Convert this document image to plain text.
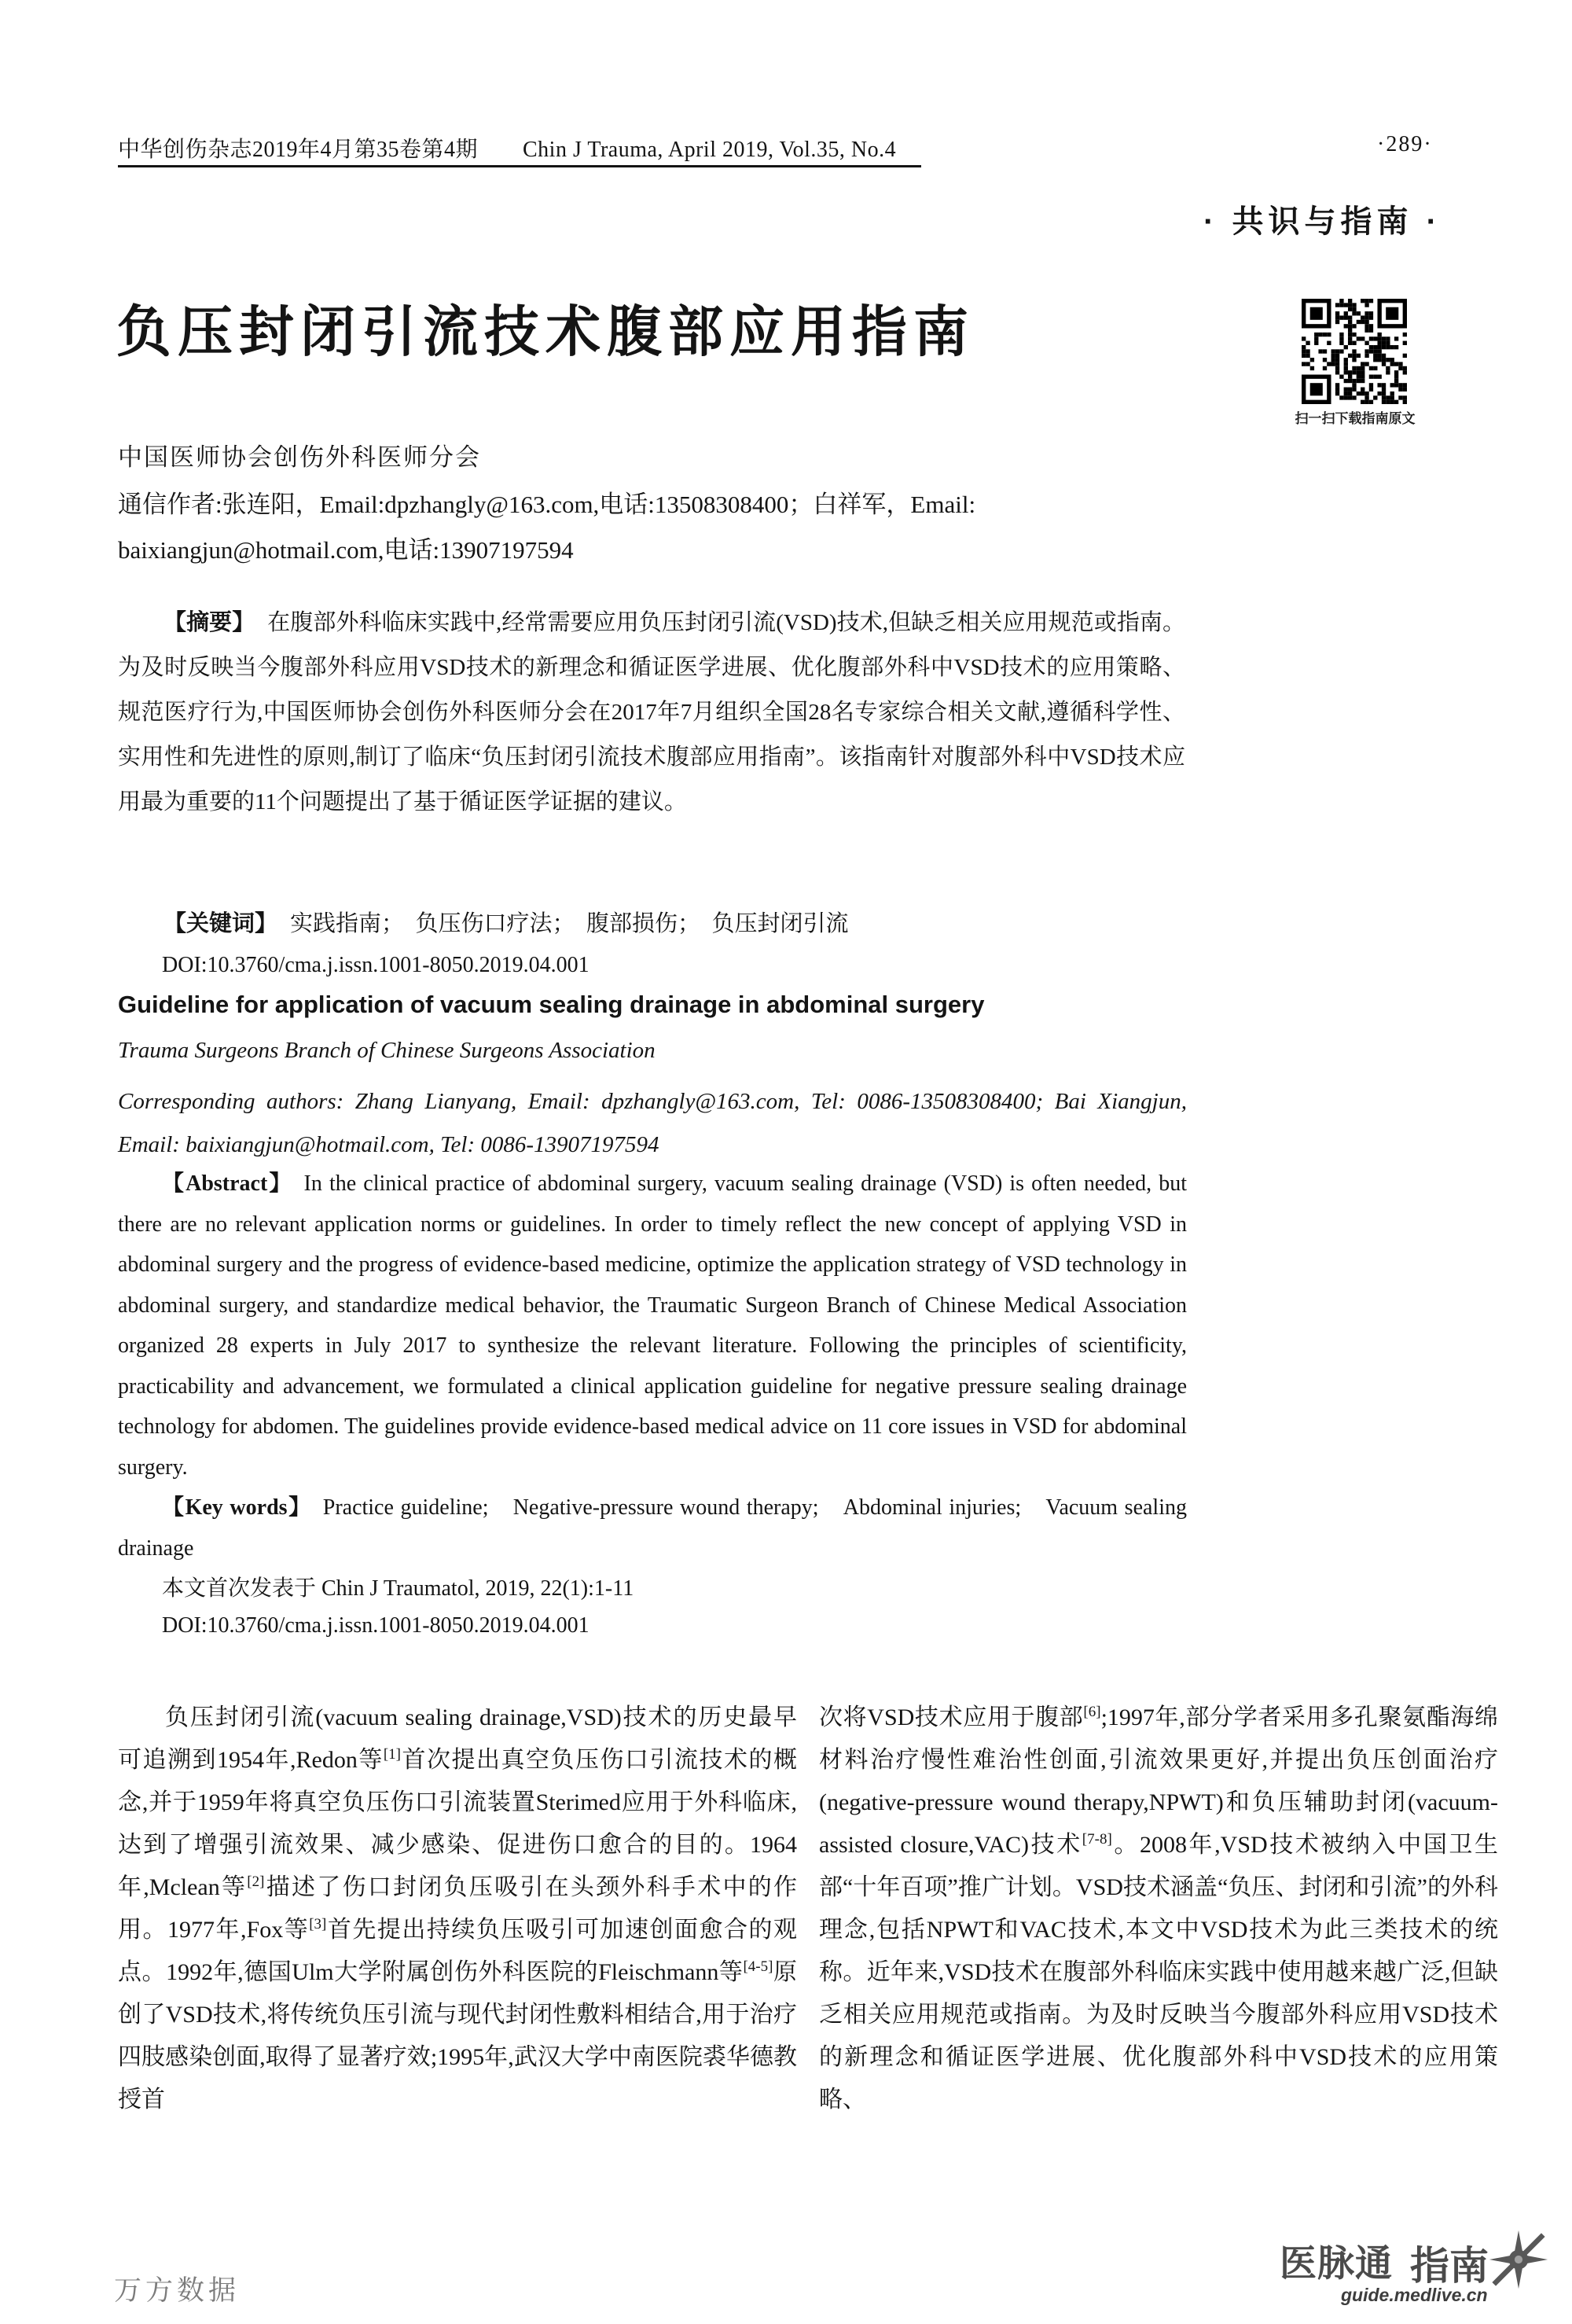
中华创伤杂志2019年4月第35卷第4期　　Chin J Trauma, April 2019, Vol.35, No.4	·289·
· 共识与指南 ·
负压封闭引流技术腹部应用指南
扫一扫下载指南原文

中国医师协会创伤外科医师分会

通信作者:张连阳，Email:dpzhangly@163.com,电话:13508308400；白祥军，Email:

baixiangjun@hotmail.com,电话:13907197594

【摘要】 在腹部外科临床实践中,经常需要应用负压封闭引流(VSD)技术,但缺乏相关应用规范或指南。为及时反映当今腹部外科应用VSD技术的新理念和循证医学进展、优化腹部外科中VSD技术的应用策略、规范医疗行为,中国医师协会创伤外科医师分会在2017年7月组织全国28名专家综合相关文献,遵循科学性、实用性和先进性的原则,制订了临床“负压封闭引流技术腹部应用指南”。该指南针对腹部外科中VSD技术应用最为重要的11个问题提出了基于循证医学证据的建议。

【关键词】 实践指南；　负压伤口疗法；　腹部损伤；　负压封闭引流

DOI:10.3760/cma.j.issn.1001-8050.2019.04.001

Guideline for application of vacuum sealing drainage in abdominal surgery

Trauma Surgeons Branch of Chinese Surgeons Association

Corresponding authors: Zhang Lianyang, Email: dpzhangly@163.com, Tel: 0086-13508308400; Bai Xiangjun, Email: baixiangjun@hotmail.com, Tel: 0086-13907197594

【Abstract】 In the clinical practice of abdominal surgery, vacuum sealing drainage (VSD) is often needed, but there are no relevant application norms or guidelines. In order to timely reflect the new concept of applying VSD in abdominal surgery and the progress of evidence-based medicine, optimize the application strategy of VSD technology in abdominal surgery, and standardize medical behavior, the Traumatic Surgeon Branch of Chinese Medical Association organized 28 experts in July 2017 to synthesize the relevant literature. Following the principles of scientificity, practicability and advancement, we formulated a clinical application guideline for negative pressure sealing drainage technology for abdomen. The guidelines provide evidence-based medical advice on 11 core issues in VSD for abdominal surgery.

【Key words】 Practice guideline;　Negative-pressure wound therapy;　Abdominal injuries;　Vacuum sealing drainage

本文首次发表于 Chin J Traumatol, 2019, 22(1):1-11

DOI:10.3760/cma.j.issn.1001-8050.2019.04.001

负压封闭引流(vacuum sealing drainage,VSD)技术的历史最早可追溯到1954年,Redon等[1]首次提出真空负压伤口引流技术的概念,并于1959年将真空负压伤口引流装置Sterimed应用于外科临床,达到了增强引流效果、减少感染、促进伤口愈合的目的。1964年,Mclean等[2]描述了伤口封闭负压吸引在头颈外科手术中的作用。1977年,Fox等[3]首先提出持续负压吸引可加速创面愈合的观点。1992年,德国Ulm大学附属创伤外科医院的Fleischmann等[4-5]原创了VSD技术,将传统负压引流与现代封闭性敷料相结合,用于治疗四肢感染创面,取得了显著疗效;1995年,武汉大学中南医院裘华德教授首
次将VSD技术应用于腹部[6];1997年,部分学者采用多孔聚氨酯海绵材料治疗慢性难治性创面,引流效果更好,并提出负压创面治疗(negative-pressure wound therapy,NPWT)和负压辅助封闭(vacuum-assisted closure,VAC)技术[7-8]。2008年,VSD技术被纳入中国卫生部“十年百项”推广计划。VSD技术涵盖“负压、封闭和引流”的外科理念,包括NPWT和VAC技术,本文中VSD技术为此三类技术的统称。近年来,VSD技术在腹部外科临床实践中使用越来越广泛,但缺乏相关应用规范或指南。为及时反映当今腹部外科应用VSD技术的新理念和循证医学进展、优化腹部外科中VSD技术的应用策略、
万方数据
医脉通 指南
guide.medlive.cn
